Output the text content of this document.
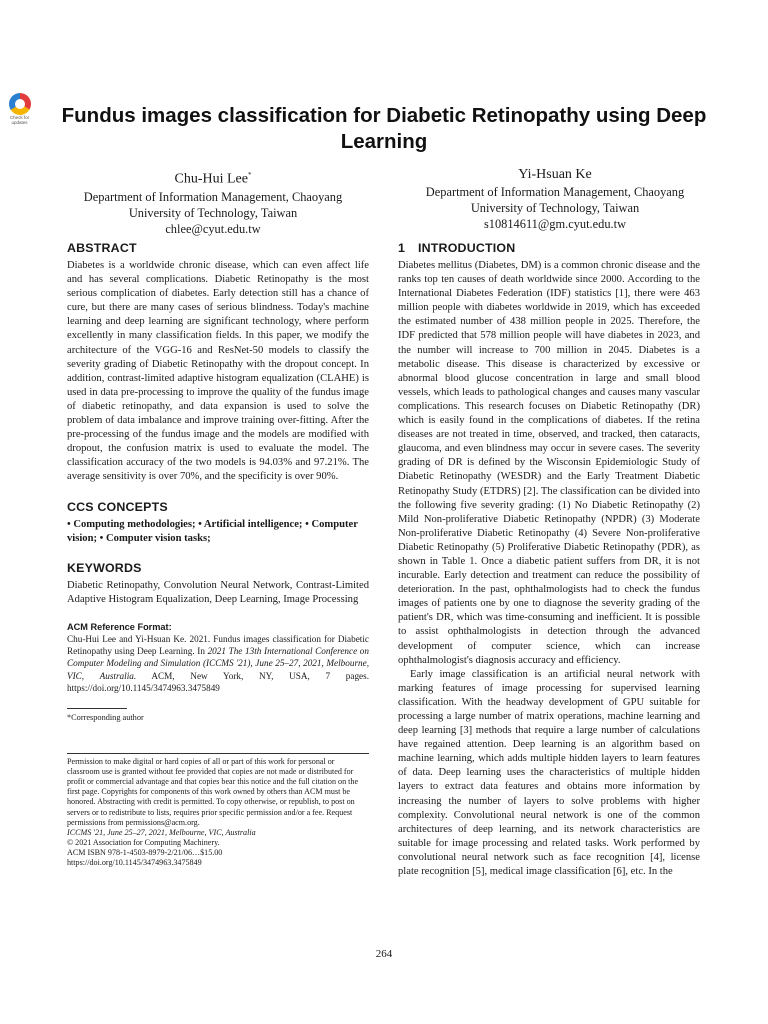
Check for
updates Fundus images classification for Diabetic Retinopathy using Deep Learning
Chu-Hui Lee*
Department of Information Management, Chaoyang
University of Technology, Taiwan
chlee@cyut.edu.tw
Yi-Hsuan Ke
Department of Information Management, Chaoyang
University of Technology, Taiwan
s10814611@gm.cyut.edu.tw
ABSTRACT

Diabetes is a worldwide chronic disease, which can even affect life and has several complications. Diabetic Retinopathy is the most serious complication of diabetes. Early detection still has a chance of cure, but there are many cases of serious blindness. Today's machine learning and deep learning are significant technology, where perform excellently in many classification fields. In this paper, we modify the architecture of the VGG-16 and ResNet-50 models to classify the severity grading of Diabetic Retinopathy with the dropout concept. In addition, contrast-limited adaptive histogram equalization (CLAHE) is used in data pre-processing to improve the quality of the fundus image of diabetic retinopathy, and data expansion is used to solve the problem of data imbalance and improve training over-fitting. After the pre-processing of the fundus image and the models are modified with dropout, the confusion matrix is used to evaluate the model. The classification accuracy of the two models is 94.03% and 97.21%. The average sensitivity is over 70%, and the specificity is over 90%.

CCS CONCEPTS

• Computing methodologies; • Artificial intelligence; • Computer vision; • Computer vision tasks;

KEYWORDS

Diabetic Retinopathy, Convolution Neural Network, Contrast-Limited Adaptive Histogram Equalization, Deep Learning, Image Processing

ACM Reference Format:

Chu-Hui Lee and Yi-Hsuan Ke. 2021. Fundus images classification for Diabetic Retinopathy using Deep Learning. In 2021 The 13th International Conference on Computer Modeling and Simulation (ICCMS '21), June 25–27, 2021, Melbourne, VIC, Australia. ACM, New York, NY, USA, 7 pages. https://doi.org/10.1145/3474963.3475849

*Corresponding author

Permission to make digital or hard copies of all or part of this work for personal or classroom use is granted without fee provided that copies are not made or distributed for profit or commercial advantage and that copies bear this notice and the full citation on the first page. Copyrights for components of this work owned by others than ACM must be honored. Abstracting with credit is permitted. To copy otherwise, or republish, to post on servers or to redistribute to lists, requires prior specific permission and/or a fee. Request permissions from permissions@acm.org.

ICCMS '21, June 25–27, 2021, Melbourne, VIC, Australia

© 2021 Association for Computing Machinery.

ACM ISBN 978-1-4503-8979-2/21/06…$15.00

https://doi.org/10.1145/3474963.3475849

1 INTRODUCTION

Diabetes mellitus (Diabetes, DM) is a common chronic disease and the ranks top ten causes of death worldwide since 2000. According to the International Diabetes Federation (IDF) statistics [1], there were 463 million people with diabetes worldwide in 2019, which has exceeded the estimated number of 438 million people in 2025. Therefore, the IDF predicted that 578 million people will have diabetes in 2023, and the number will increase to 700 million in 2045. Diabetes is a metabolic disease. This disease is characterized by excessive or abnormal blood glucose concentration in large and small blood vessels, which leads to pathological changes and causes many vascular complications. This research focuses on Diabetic Retinopathy (DR) which is easily found in the complications of diabetes. If the retina diseases are not treated in time, observed, and tracked, then cataracts, glaucoma, and even blindness may occur in severe cases. The severity grading of DR is defined by the Wisconsin Epidemiologic Study of Diabetic Retinopathy (WESDR) and the Early Treatment Diabetic Retinopathy Study (ETDRS) [2]. The classification can be divided into the following five severity grading: (1) No Diabetic Retinopathy (2) Mild Non-proliferative Diabetic Retinopathy (NPDR) (3) Moderate Non-proliferative Diabetic Retinopathy (4) Severe Non-proliferative Diabetic Retinopathy (5) Proliferative Diabetic Retinopathy (PDR), as shown in Table 1. Once a diabetic patient suffers from DR, it is not incurable. Early detection and treatment can reduce the possibility of deterioration. In the past, ophthalmologists had to check the fundus images of patients one by one to diagnose the severity grading of the patient's DR, which was time-consuming and inefficient. It is possible to assist ophthalmologists in detection through the advanced development of computer science, which can increase ophthalmologist's diagnosis accuracy and efficiency.

Early image classification is an artificial neural network with marking features of image processing for supervised learning classification. With the headway development of GPU suitable for processing a large number of matrix operations, machine learning and deep learning [3] methods that require a large number of calculations have regained attention. Deep learning is an algorithm based on machine learning, which adds multiple hidden layers to learn features of data. Deep learning uses the characteristics of multiple hidden layers to extract data features and obtains more information by increasing the number of layers to solve problems with higher complexity. Convolutional neural network is one of the common architectures of deep learning, and its network characteristics are suitable for image processing and related tasks. Work performed by convolutional neural network such as face recognition [4], license plate recognition [5], medical image classification [6], etc. In the

264
